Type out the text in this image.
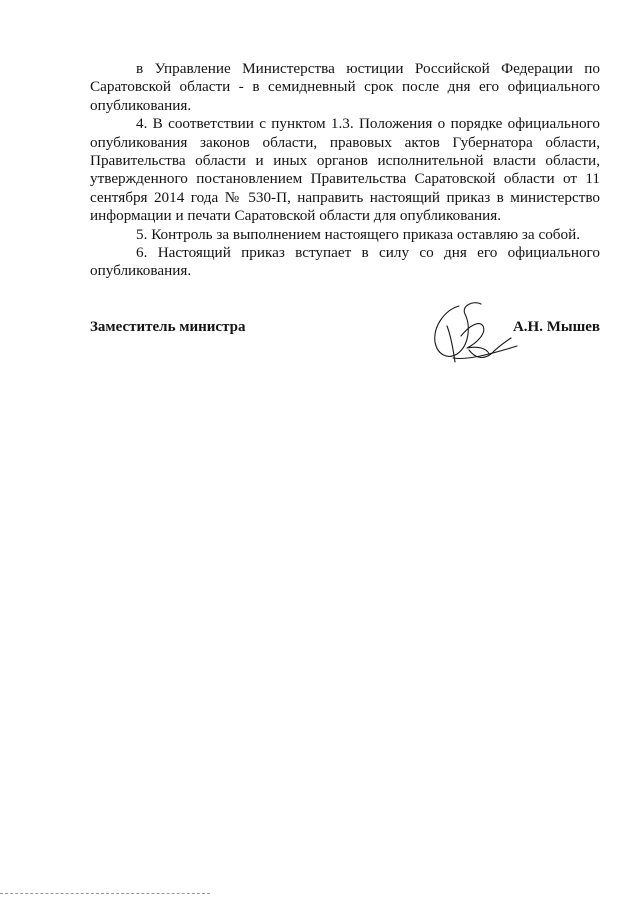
в Управление Министерства юстиции Российской Федерации по Саратовской области - в семидневный срок после дня его официального опубликования.

4. В соответствии с пунктом 1.3. Положения о порядке официального опубликования законов области, правовых актов Губернатора области, Правительства области и иных органов исполнительной власти области, утвержденного постановлением Правительства Саратовской области от 11 сентября 2014 года № 530-П, направить настоящий приказ в министерство информации и печати Саратовской области для опубликования.

5. Контроль за выполнением настоящего приказа оставляю за собой.

6. Настоящий приказ вступает в силу со дня его официального опубликования.

Заместитель министра	А.Н. Мышев
